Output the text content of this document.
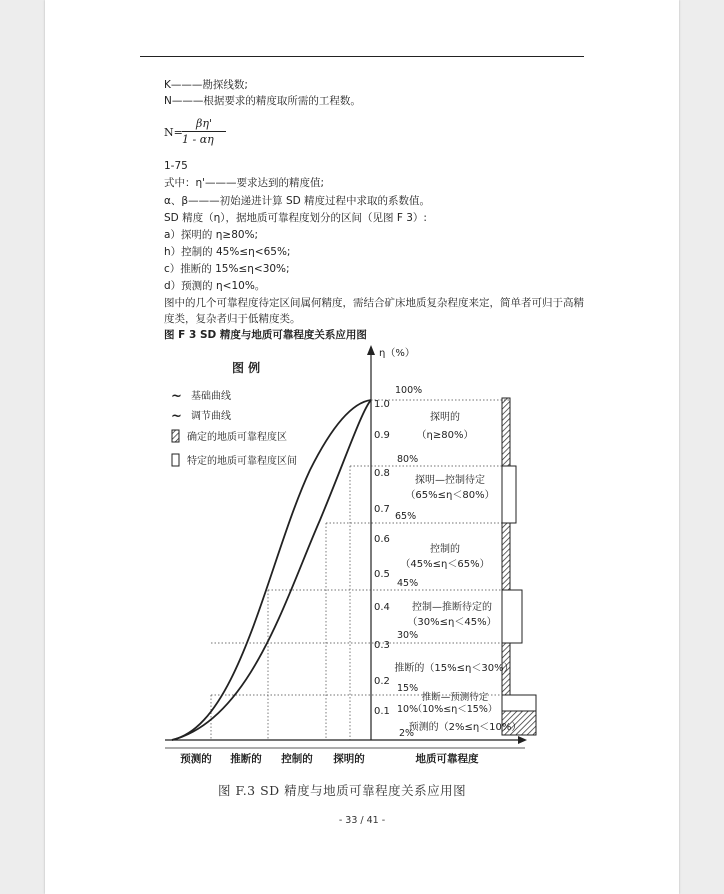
K———勘探线数;
N———根据要求的精度取所需的工程数。
N=
βη'
1 - αη
1-75
式中：η'———要求达到的精度值;
α、β———初始递进计算 SD 精度过程中求取的系数值。
SD 精度（η），据地质可靠程度划分的区间（见图 F 3）:
a）探明的 η≥80%;
h）控制的 45%≤η<65%;
c）推断的 15%≤η<30%;
d）预测的 η<10%。
图中的几个可靠程度待定区间属何精度，需结合矿床地质复杂程度来定，简单者可归于高精度类，复杂者归于低精度类。
图 F 3 SD 精度与地质可靠程度关系应用图
图 例
~ 基础曲线
~ 调节曲线
确定的地质可靠程度区
特定的地质可靠程度区间
η（%）
1.0
0.9
0.8
0.7
0.6
0.5
0.4
0.3
0.2
0.1
100%
80%
65%
45%
30%
15%
10%
2%
探明的
（η≥80%）
探明—控制待定
（65%≤η＜80%）
控制的
（45%≤η＜65%）
控制—推断待定的
（30%≤η＜45%）
推断的（15%≤η＜30%）
推断—预测待定
（10%≤η＜15%）
预测的（2%≤η＜10%）
预测的 推断的 控制的 探明的	地质可靠程度
图 F.3 SD 精度与地质可靠程度关系应用图
- 33 / 41 -
